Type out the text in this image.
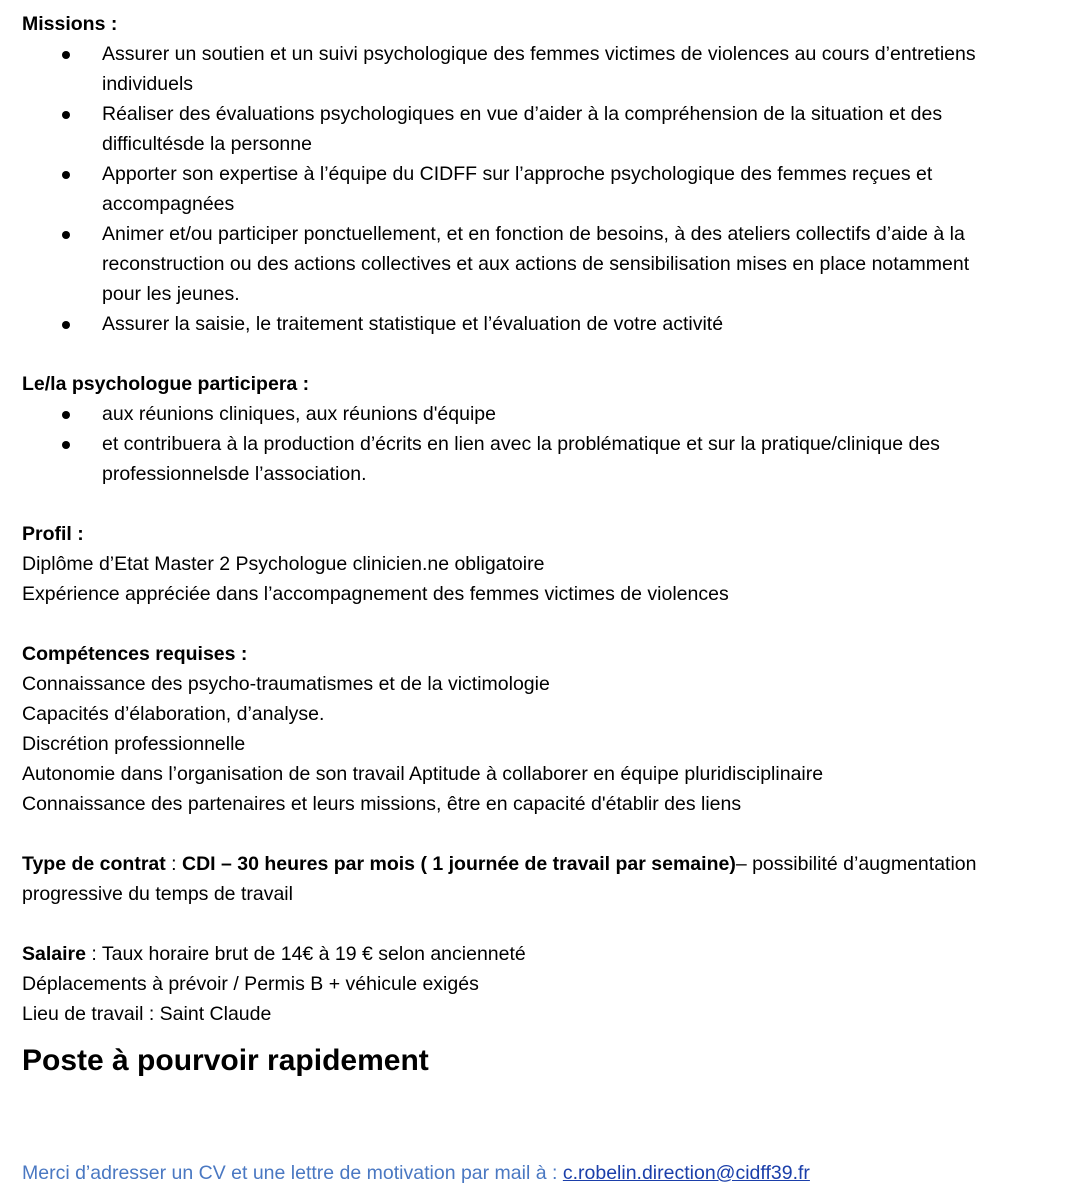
Missions :
Assurer un soutien et un suivi psychologique des femmes victimes de violences au cours d’entretiens
individuels
Réaliser des évaluations psychologiques en vue d’aider à la compréhension de la situation et des
difficultésde la personne
Apporter son expertise à l’équipe du CIDFF sur l’approche psychologique des femmes reçues et
accompagnées
Animer et/ou participer ponctuellement, et en fonction de besoins, à des ateliers collectifs d’aide à la
reconstruction ou des actions collectives et aux actions de sensibilisation mises en place notamment
pour les jeunes.
Assurer la saisie, le traitement statistique et l’évaluation de votre activité
Le/la psychologue participera :
aux réunions cliniques, aux réunions d'équipe
et contribuera à la production d’écrits en lien avec la problématique et sur la pratique/clinique des
professionnelsde l’association.
Profil :
Diplôme d’Etat Master 2 Psychologue clinicien.ne obligatoire
Expérience appréciée dans l’accompagnement des femmes victimes de violences
Compétences requises :
Connaissance des psycho-traumatismes et de la victimologie
Capacités d’élaboration, d’analyse.
Discrétion professionnelle
Autonomie dans l’organisation de son travail Aptitude à collaborer en équipe pluridisciplinaire
Connaissance des partenaires et leurs missions, être en capacité d'établir des liens
Type de contrat : CDI – 30 heures par mois ( 1 journée de travail par semaine)– possibilité d’augmentation
progressive du temps de travail
Salaire : Taux horaire brut de 14€ à 19 € selon ancienneté
Déplacements à prévoir / Permis B + véhicule exigés
Lieu de travail : Saint Claude
Poste à pourvoir rapidement
Merci d’adresser un CV et une lettre de motivation par mail à : c.robelin.direction@cidff39.fr
